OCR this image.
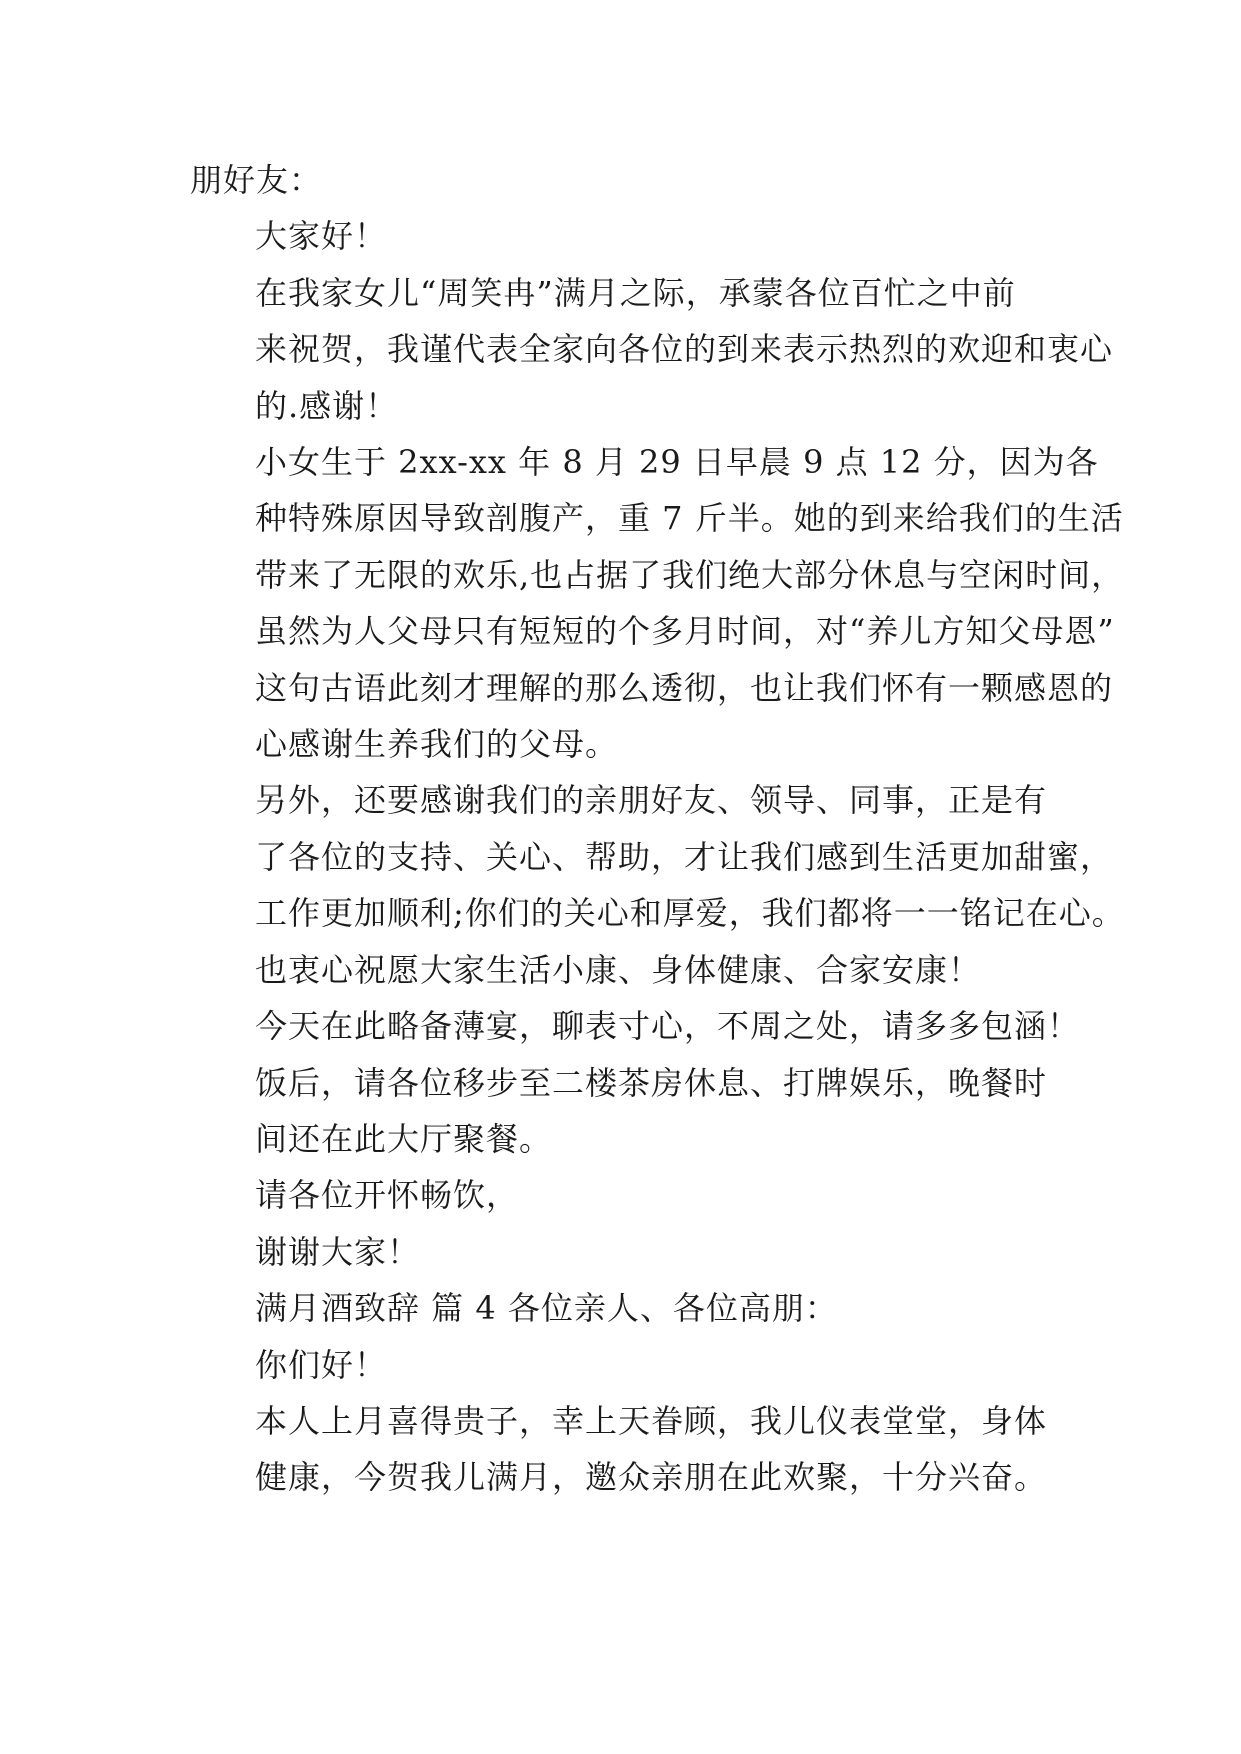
朋好友：

大家好！

在我家女儿“周笑冉”满月之际，承蒙各位百忙之中前
来祝贺，我谨代表全家向各位的到来表示热烈的欢迎和衷心
的.感谢！

小女生于 2xx-xx 年 8 月 29 日早晨 9 点 12 分，因为各
种特殊原因导致剖腹产，重 7 斤半。她的到来给我们的生活
带来了无限的欢乐,也占据了我们绝大部分休息与空闲时间，
虽然为人父母只有短短的个多月时间，对“养儿方知父母恩”
这句古语此刻才理解的那么透彻，也让我们怀有一颗感恩的
心感谢生养我们的父母。

另外，还要感谢我们的亲朋好友、领导、同事，正是有
了各位的支持、关心、帮助，才让我们感到生活更加甜蜜，
工作更加顺利;你们的关心和厚爱，我们都将一一铭记在心。
也衷心祝愿大家生活小康、身体健康、合家安康！

今天在此略备薄宴，聊表寸心，不周之处，请多多包涵！

饭后，请各位移步至二楼茶房休息、打牌娱乐，晚餐时
间还在此大厅聚餐。

请各位开怀畅饮，

谢谢大家！

满月酒致辞 篇 4 各位亲人、各位高朋：

你们好！

本人上月喜得贵子，幸上天眷顾，我儿仪表堂堂，身体
健康，今贺我儿满月，邀众亲朋在此欢聚，十分兴奋。
